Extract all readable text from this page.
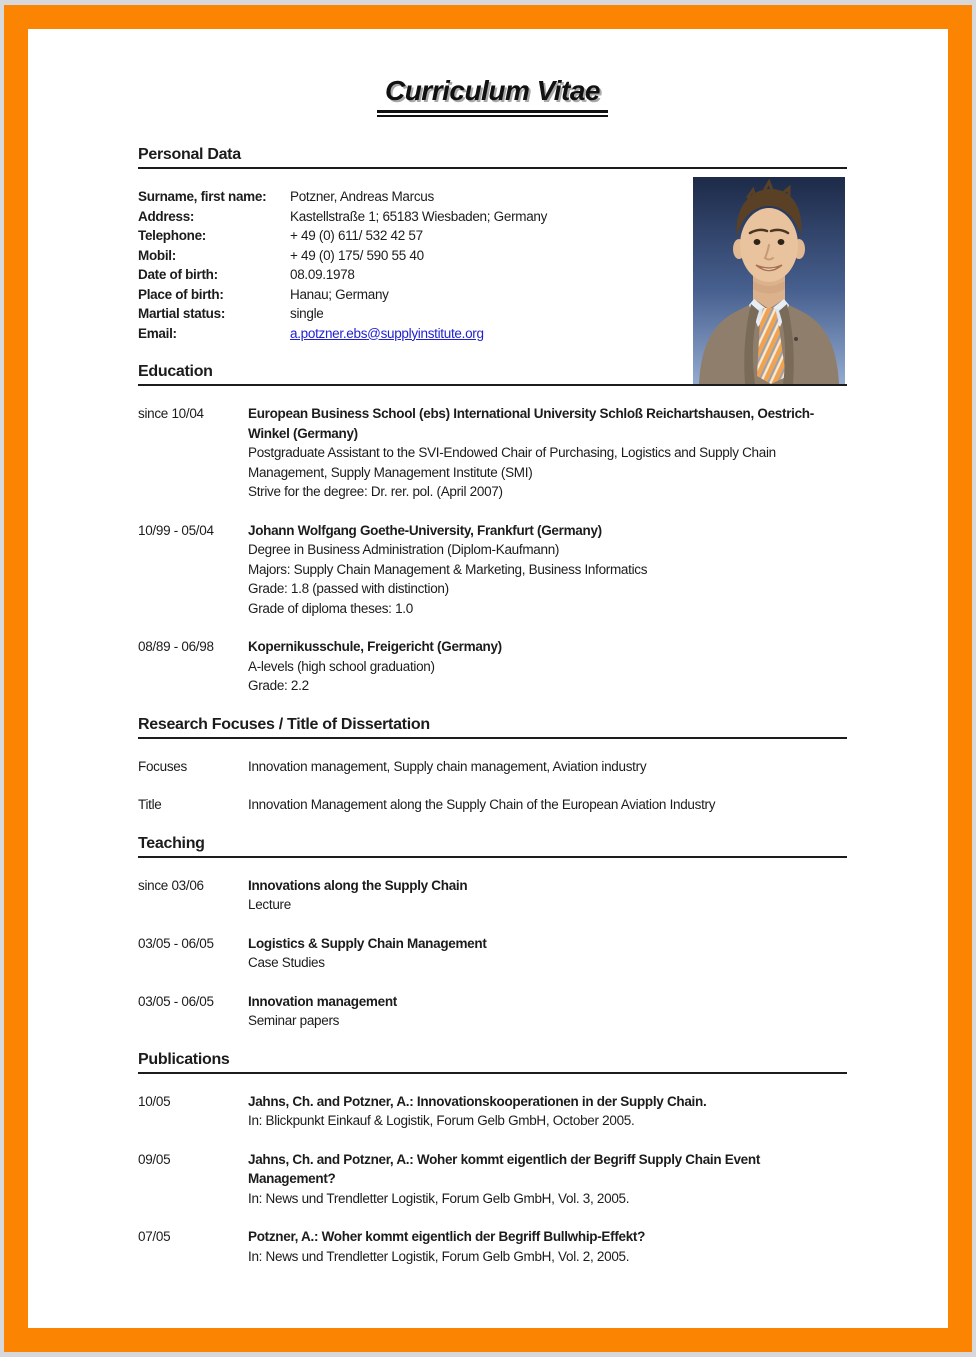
Curriculum Vitae
Personal Data
Surname, first name:	Potzner, Andreas Marcus
Address:	Kastellstraße 1; 65183 Wiesbaden; Germany
Telephone:	+ 49 (0) 611/ 532 42 57
Mobil:	+ 49 (0) 175/ 590 55 40
Date of birth:	08.09.1978
Place of birth:	Hanau; Germany
Martial status:	single
Email:	a.potzner.ebs@supplyinstitute.org
Education
since 10/04	European Business School (ebs) International University Schloß Reichartshausen, Oestrich-Winkel (Germany)
Postgraduate Assistant to the SVI-Endowed Chair of Purchasing, Logistics and Supply Chain Management, Supply Management Institute (SMI)
Strive for the degree: Dr. rer. pol. (April 2007)
10/99 - 05/04	Johann Wolfgang Goethe-University, Frankfurt (Germany)
Degree in Business Administration (Diplom-Kaufmann)
Majors: Supply Chain Management & Marketing, Business Informatics
Grade: 1.8 (passed with distinction)
Grade of diploma theses: 1.0
08/89 - 06/98	Kopernikusschule, Freigericht (Germany)
A-levels (high school graduation)
Grade: 2.2
Research Focuses / Title of Dissertation
Focuses	Innovation management, Supply chain management, Aviation industry
Title	Innovation Management along the Supply Chain of the European Aviation Industry
Teaching
since 03/06	Innovations along the Supply Chain
Lecture
03/05 - 06/05	Logistics & Supply Chain Management
Case Studies
03/05 - 06/05	Innovation management
Seminar papers
Publications
10/05	Jahns, Ch. and Potzner, A.: Innovationskooperationen in der Supply Chain.
In: Blickpunkt Einkauf & Logistik, Forum Gelb GmbH, October 2005.
09/05	Jahns, Ch. and Potzner, A.: Woher kommt eigentlich der Begriff Supply Chain Event Management?
In: News und Trendletter Logistik, Forum Gelb GmbH, Vol. 3, 2005.
07/05	Potzner, A.: Woher kommt eigentlich der Begriff Bullwhip-Effekt?
In: News und Trendletter Logistik, Forum Gelb GmbH, Vol. 2, 2005.
